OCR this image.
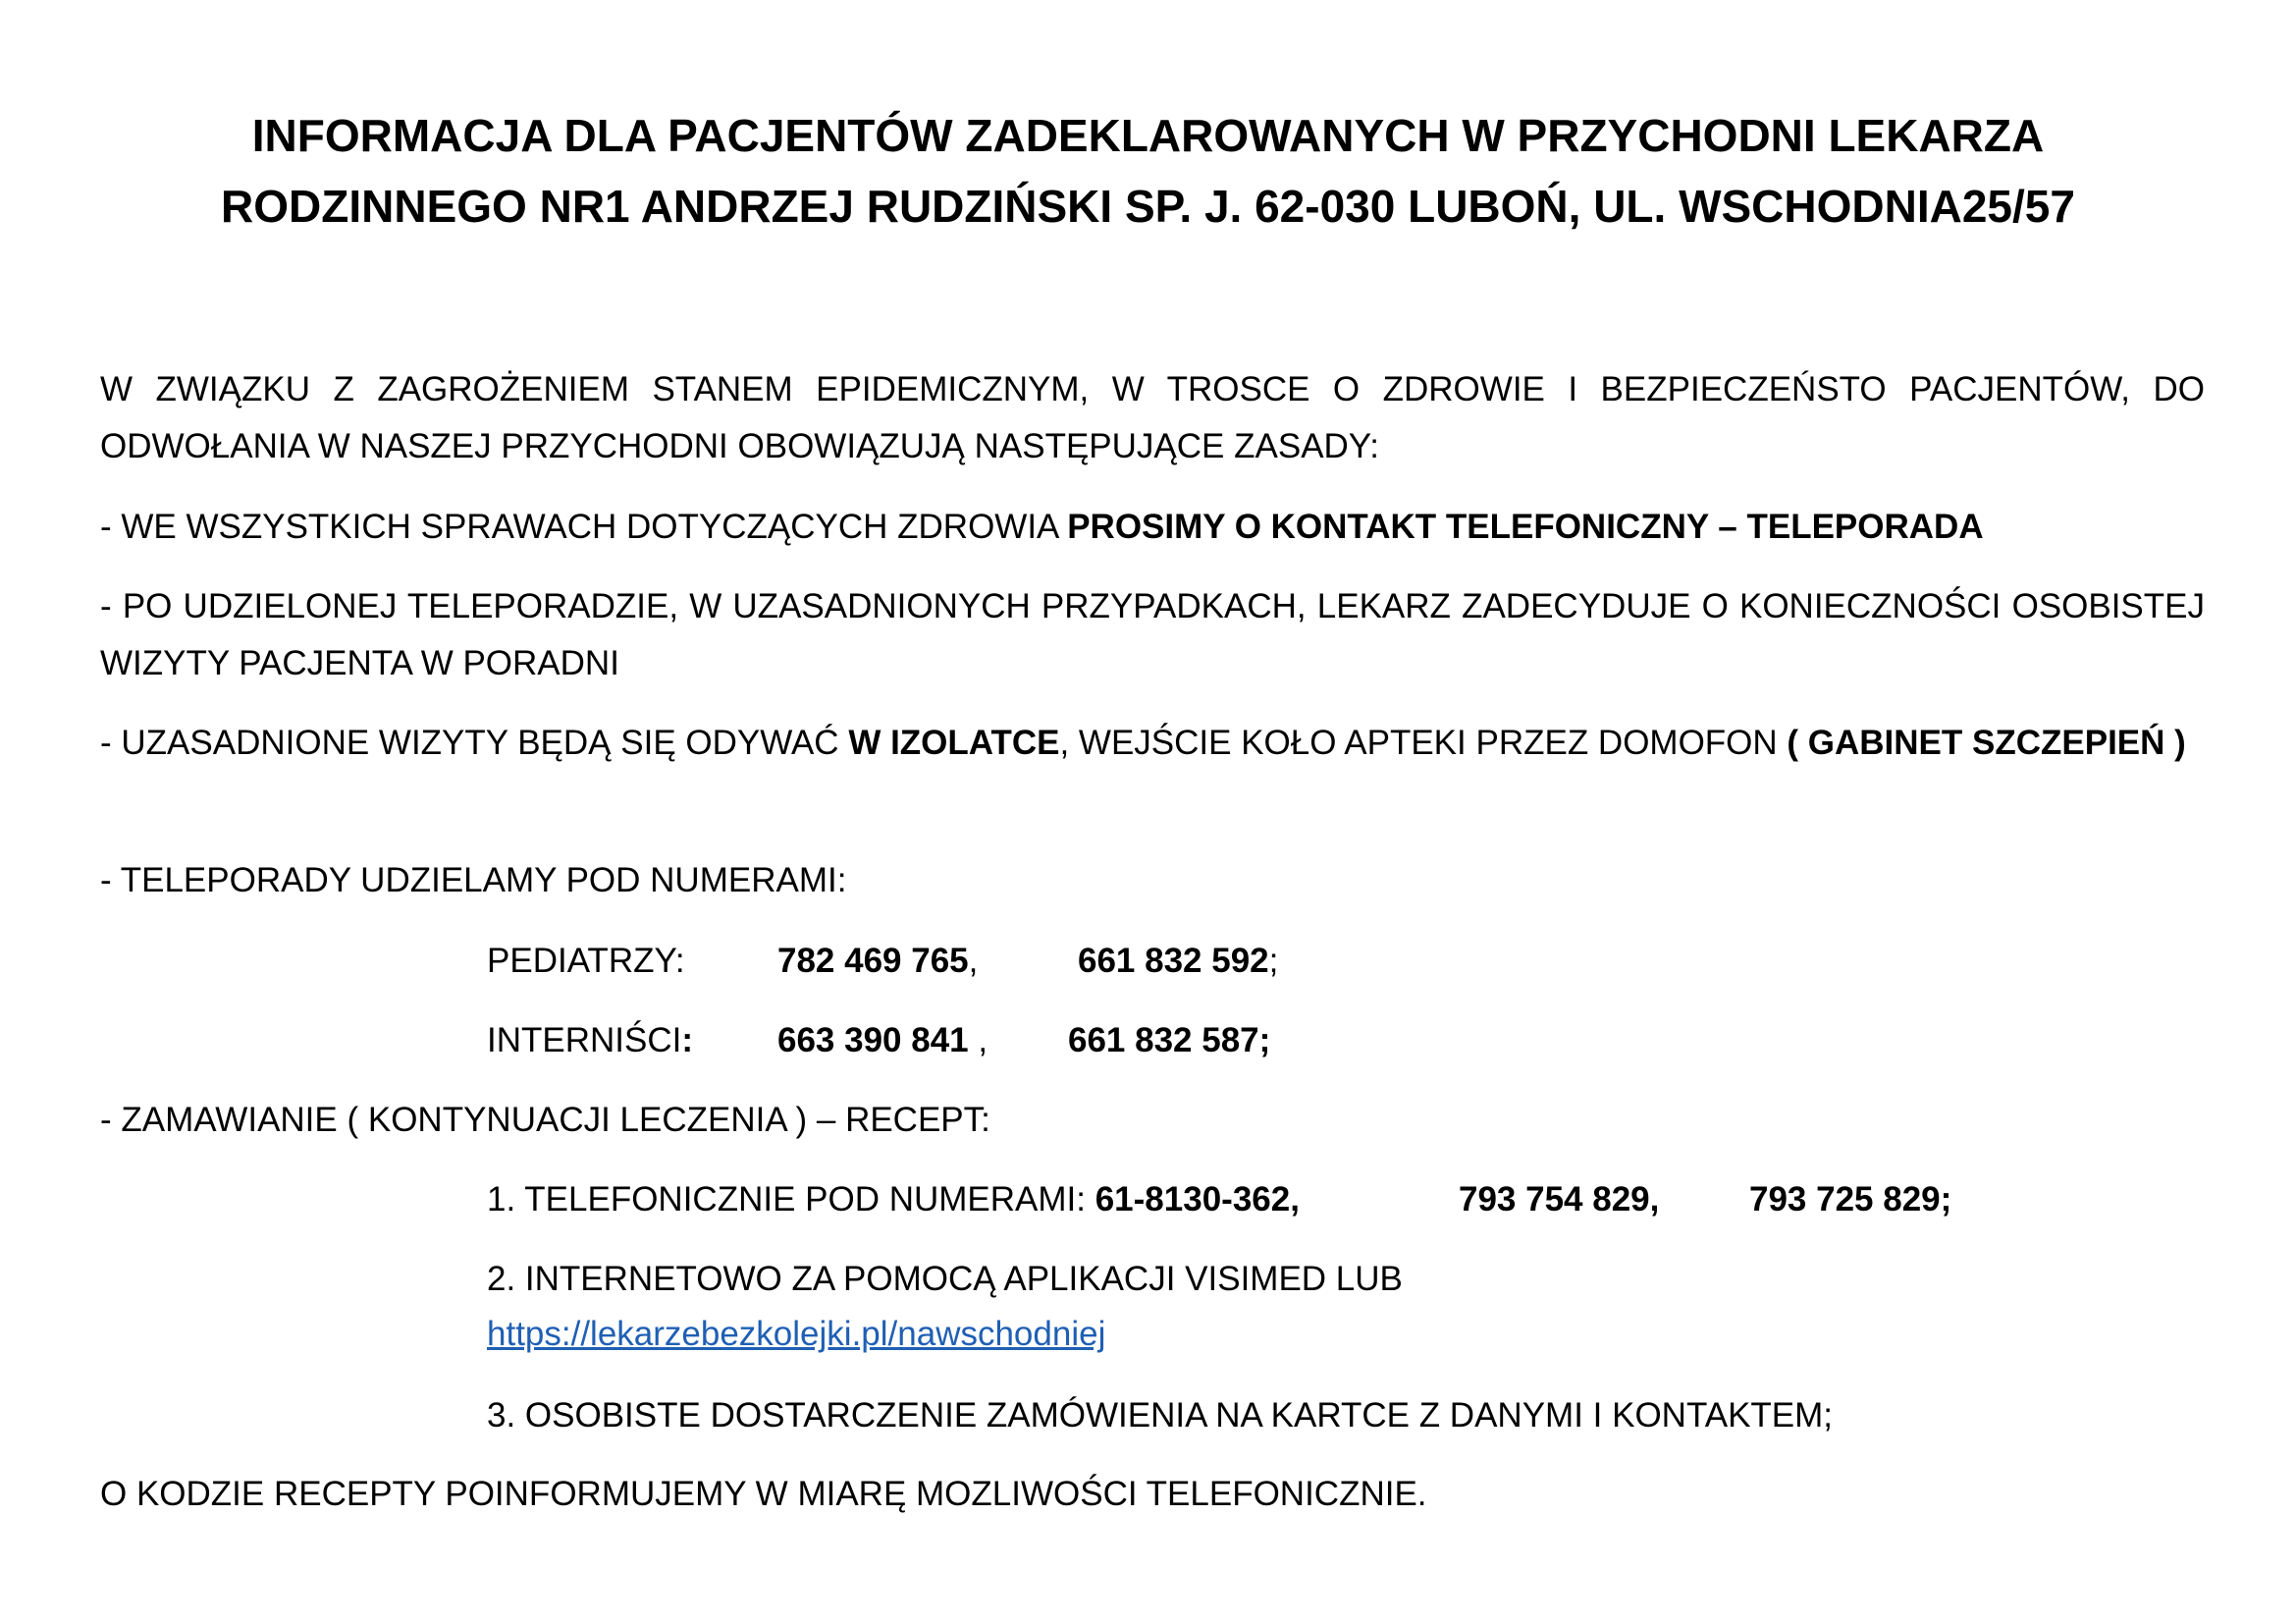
INFORMACJA DLA PACJENTÓW ZADEKLAROWANYCH W PRZYCHODNI LEKARZA
RODZINNEGO NR1 ANDRZEJ RUDZIŃSKI SP. J. 62-030 LUBOŃ, UL. WSCHODNIA25/57
W ZWIĄZKU Z ZAGROŻENIEM STANEM EPIDEMICZNYM, W TROSCE O ZDROWIE I BEZPIECZEŃSTO PACJENTÓW, DO ODWOŁANIA W NASZEJ PRZYCHODNI OBOWIĄZUJĄ NASTĘPUJĄCE ZASADY:
- WE WSZYSTKICH SPRAWACH DOTYCZĄCYCH ZDROWIA PROSIMY O KONTAKT TELEFONICZNY – TELEPORADA
- PO UDZIELONEJ TELEPORADZIE, W UZASADNIONYCH PRZYPADKACH, LEKARZ ZADECYDUJE O KONIECZNOŚCI OSOBISTEJ WIZYTY PACJENTA W PORADNI
- UZASADNIONE WIZYTY BĘDĄ SIĘ ODYWAĆ W IZOLATCE, WEJŚCIE KOŁO APTEKI PRZEZ DOMOFON ( GABINET SZCZEPIEŃ )
- TELEPORADY UDZIELAMY POD NUMERAMI:
PEDIATRZY:	782 469 765,	661 832 592;
INTERNIŚCI: 663 390 841 , 661 832 587;
- ZAMAWIANIE ( KONTYNUACJI LECZENIA ) – RECEPT:
1. TELEFONICZNIE POD NUMERAMI: 61-8130-362,	793 754 829,	793 725 829;
2. INTERNETOWO ZA POMOCĄ APLIKACJI VISIMED LUB
https://lekarzebezkolejki.pl/nawschodniej
3. OSOBISTE DOSTARCZENIE ZAMÓWIENIA NA KARTCE Z DANYMI I KONTAKTEM;
O KODZIE RECEPTY POINFORMUJEMY W MIARĘ MOZLIWOŚCI TELEFONICZNIE.
